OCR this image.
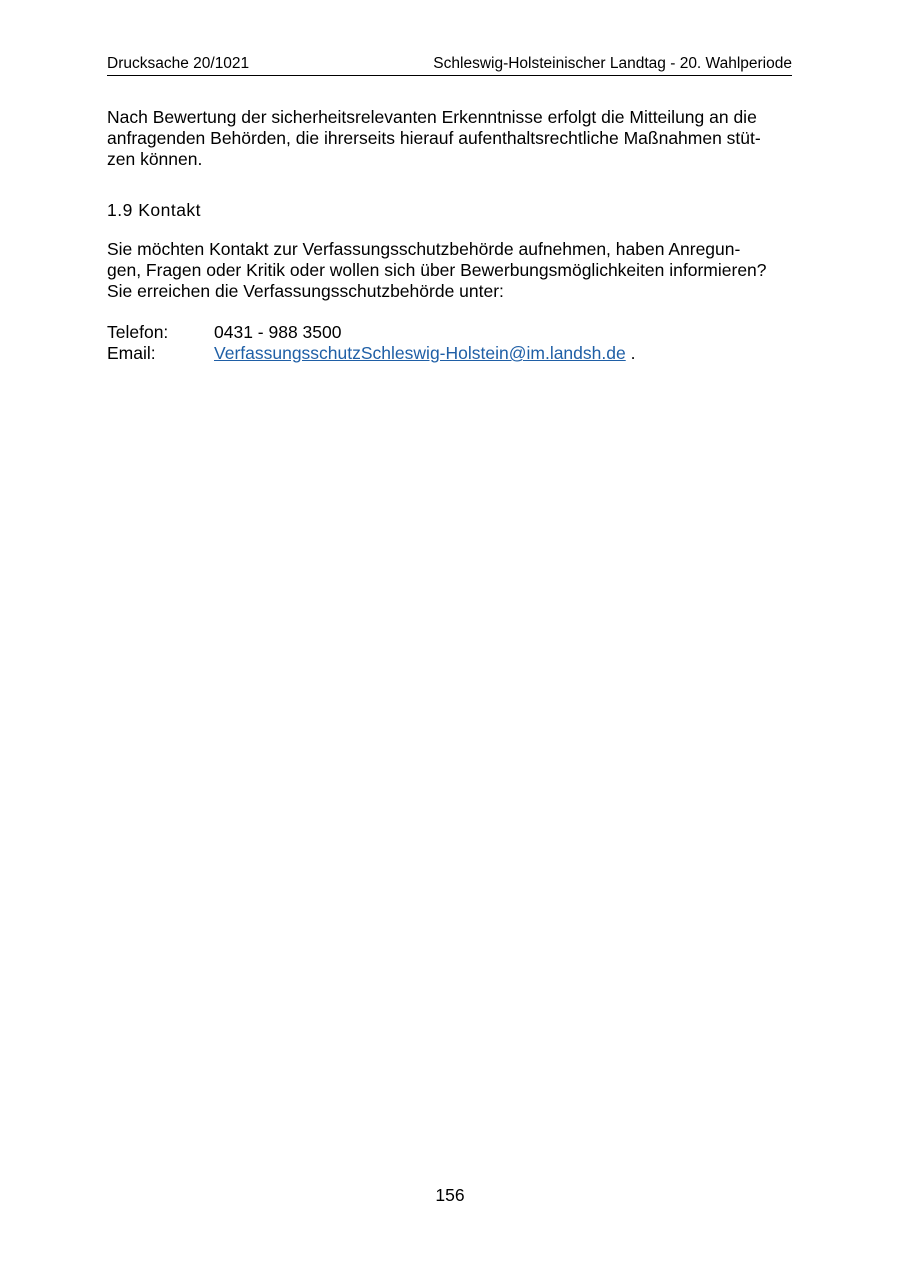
Drucksache 20/1021	Schleswig-Holsteinischer Landtag - 20. Wahlperiode

Nach Bewertung der sicherheitsrelevanten Erkenntnisse erfolgt die Mitteilung an die
anfragenden Behörden, die ihrerseits hierauf aufenthaltsrechtliche Maßnahmen stüt-
zen können.

1.9 Kontakt

Sie möchten Kontakt zur Verfassungsschutzbehörde aufnehmen, haben Anregun-
gen, Fragen oder Kritik oder wollen sich über Bewerbungsmöglichkeiten informieren?
Sie erreichen die Verfassungsschutzbehörde unter:

Telefon:	0431 - 988 3500
Email:	VerfassungsschutzSchleswig-Holstein@im.landsh.de .
156
